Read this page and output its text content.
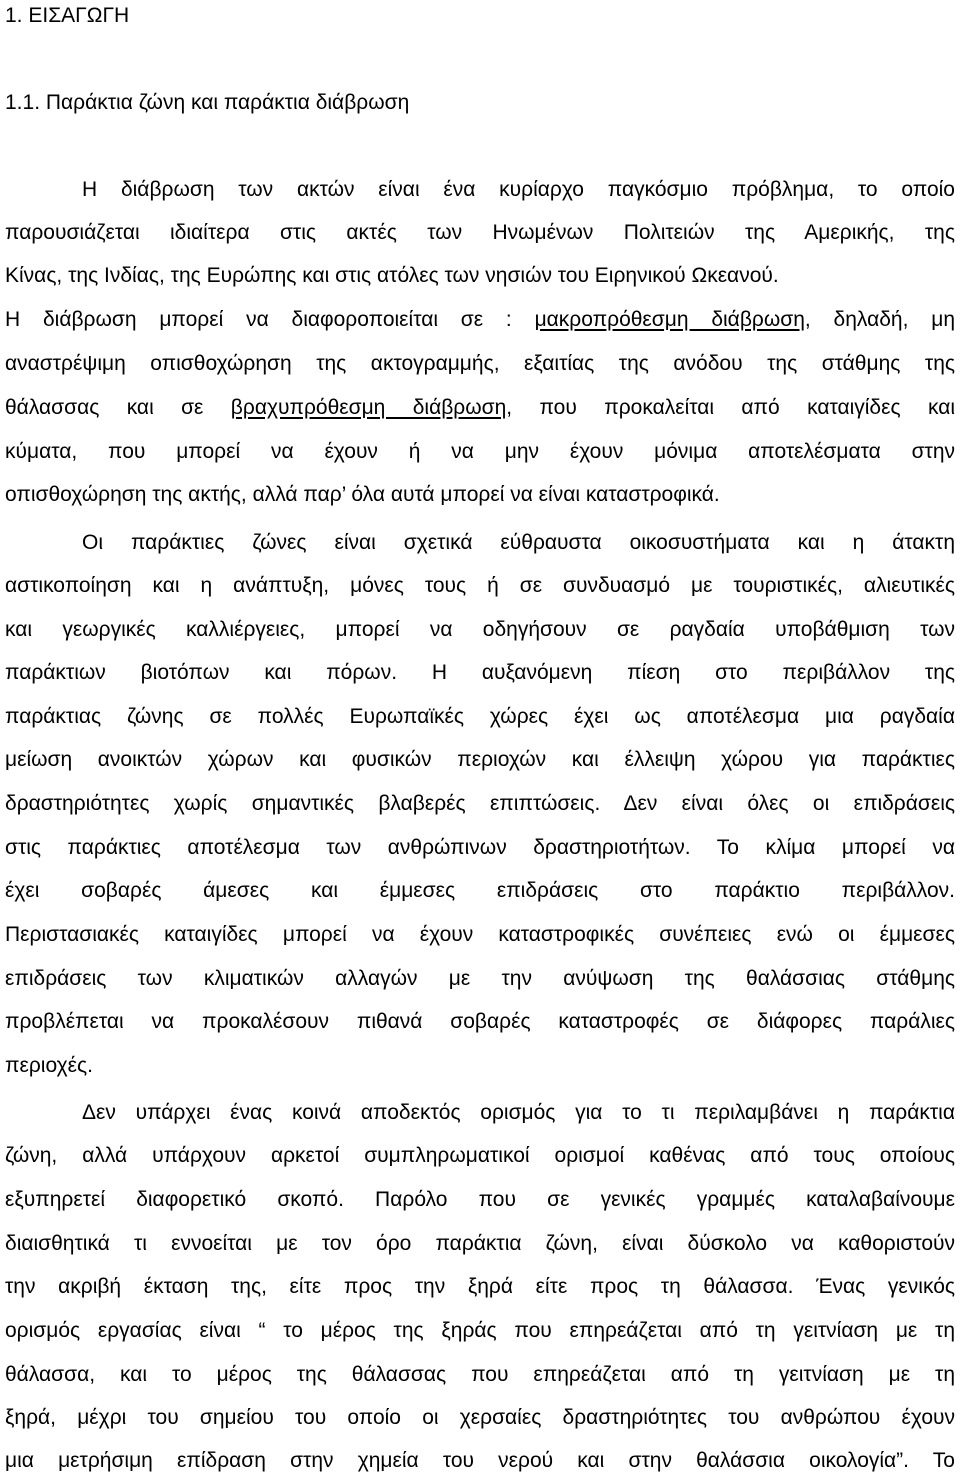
1. ΕΙΣΑΓΩΓΗ
1.1. Παράκτια ζώνη και παράκτια διάβρωση
Η διάβρωση των ακτών είναι ένα κυρίαρχο παγκόσμιο πρόβλημα, το οποίο
παρουσιάζεται ιδιαίτερα στις ακτές των Ηνωμένων Πολιτειών της Αμερικής, της
Κίνας, της Ινδίας, της Ευρώπης και στις ατόλες των νησιών του Ειρηνικού Ωκεανού.
Η διάβρωση μπορεί να διαφοροποιείται σε : μακροπρόθεσμη διάβρωση, δηλαδή, μη
αναστρέψιμη οπισθοχώρηση της ακτογραμμής, εξαιτίας της ανόδου της στάθμης της
θάλασσας και σε βραχυπρόθεσμη διάβρωση, που προκαλείται από καταιγίδες και
κύματα, που μπορεί να έχουν ή να μην έχουν μόνιμα αποτελέσματα στην
οπισθοχώρηση της ακτής, αλλά παρ’ όλα αυτά μπορεί να είναι καταστροφικά.
Οι παράκτιες ζώνες είναι σχετικά εύθραυστα οικοσυστήματα και η άτακτη
αστικοποίηση και η ανάπτυξη, μόνες τους ή σε συνδυασμό με τουριστικές, αλιευτικές
και γεωργικές καλλιέργειες, μπορεί να οδηγήσουν σε ραγδαία υποβάθμιση των
παράκτιων βιοτόπων και πόρων. Η αυξανόμενη πίεση στο περιβάλλον της
παράκτιας ζώνης σε πολλές Ευρωπαϊκές χώρες έχει ως αποτέλεσμα μια ραγδαία
μείωση ανοικτών χώρων και φυσικών περιοχών και έλλειψη χώρου για παράκτιες
δραστηριότητες χωρίς σημαντικές βλαβερές επιπτώσεις. Δεν είναι όλες οι επιδράσεις
στις παράκτιες αποτέλεσμα των ανθρώπινων δραστηριοτήτων. Το κλίμα μπορεί να
έχει σοβαρές άμεσες και έμμεσες επιδράσεις στο παράκτιο περιβάλλον.
Περιστασιακές καταιγίδες μπορεί να έχουν καταστροφικές συνέπειες ενώ οι έμμεσες
επιδράσεις των κλιματικών αλλαγών με την ανύψωση της θαλάσσιας στάθμης
προβλέπεται να προκαλέσουν πιθανά σοβαρές καταστροφές σε διάφορες παράλιες
περιοχές.
Δεν υπάρχει ένας κοινά αποδεκτός ορισμός για το τι περιλαμβάνει η παράκτια
ζώνη, αλλά υπάρχουν αρκετοί συμπληρωματικοί ορισμοί καθένας από τους οποίους
εξυπηρετεί διαφορετικό σκοπό. Παρόλο που σε γενικές γραμμές καταλαβαίνουμε
διαισθητικά τι εννοείται με τον όρο παράκτια ζώνη, είναι δύσκολο να καθοριστούν
την ακριβή έκταση της, είτε προς την ξηρά είτε προς τη θάλασσα. Ένας γενικός
ορισμός εργασίας είναι “ το μέρος της ξηράς που επηρεάζεται από τη γειτνίαση με τη
θάλασσα, και το μέρος της θάλασσας που επηρεάζεται από τη γειτνίαση με τη
ξηρά, μέχρι του σημείου του οποίο οι χερσαίες δραστηριότητες του ανθρώπου έχουν
μια μετρήσιμη επίδραση στην χημεία του νερού και στην θαλάσσια οικολογία”. Το
